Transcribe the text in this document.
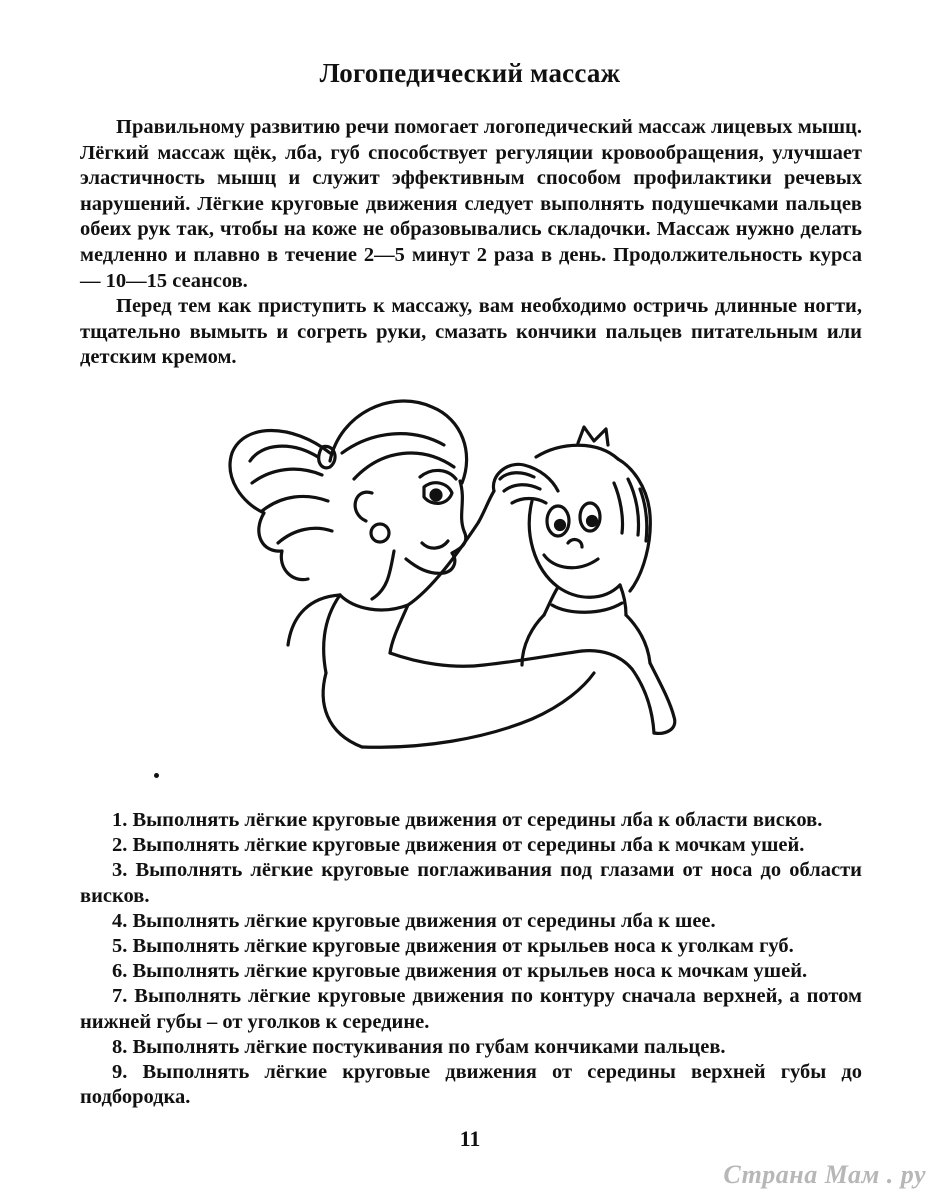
Логопедический массаж

Правильному развитию речи помогает логопедический массаж лицевых мышц. Лёгкий массаж щёк, лба, губ способствует регуляции кровообращения, улучшает эластичность мышц и служит эффективным способом профилактики речевых нарушений. Лёгкие круговые движения следует выполнять подушечками пальцев обеих рук так, чтобы на коже не образовывались складочки. Массаж нужно делать медленно и плавно в течение 2—5 минут 2 раза в день. Продолжительность курса — 10—15 сеансов.

Перед тем как приступить к массажу, вам необходимо остричь длинные ногти, тщательно вымыть и согреть руки, смазать кончики пальцев питательным или детским кремом.

1. Выполнять лёгкие круговые движения от середины лба к области висков.
2. Выполнять лёгкие круговые движения от середины лба к мочкам ушей.
3. Выполнять лёгкие круговые поглаживания под глазами от носа до области висков.
4. Выполнять лёгкие круговые движения от середины лба к шее.
5. Выполнять лёгкие круговые движения от крыльев носа к уголкам губ.
6. Выполнять лёгкие круговые движения от крыльев носа к мочкам ушей.
7. Выполнять лёгкие круговые движения по контуру сначала верхней, а потом нижней губы – от уголков к середине.
8. Выполнять лёгкие постукивания по губам кончиками пальцев.
9. Выполнять лёгкие круговые движения от середины верхней губы до подбородка.
11
Страна Мам . ру
